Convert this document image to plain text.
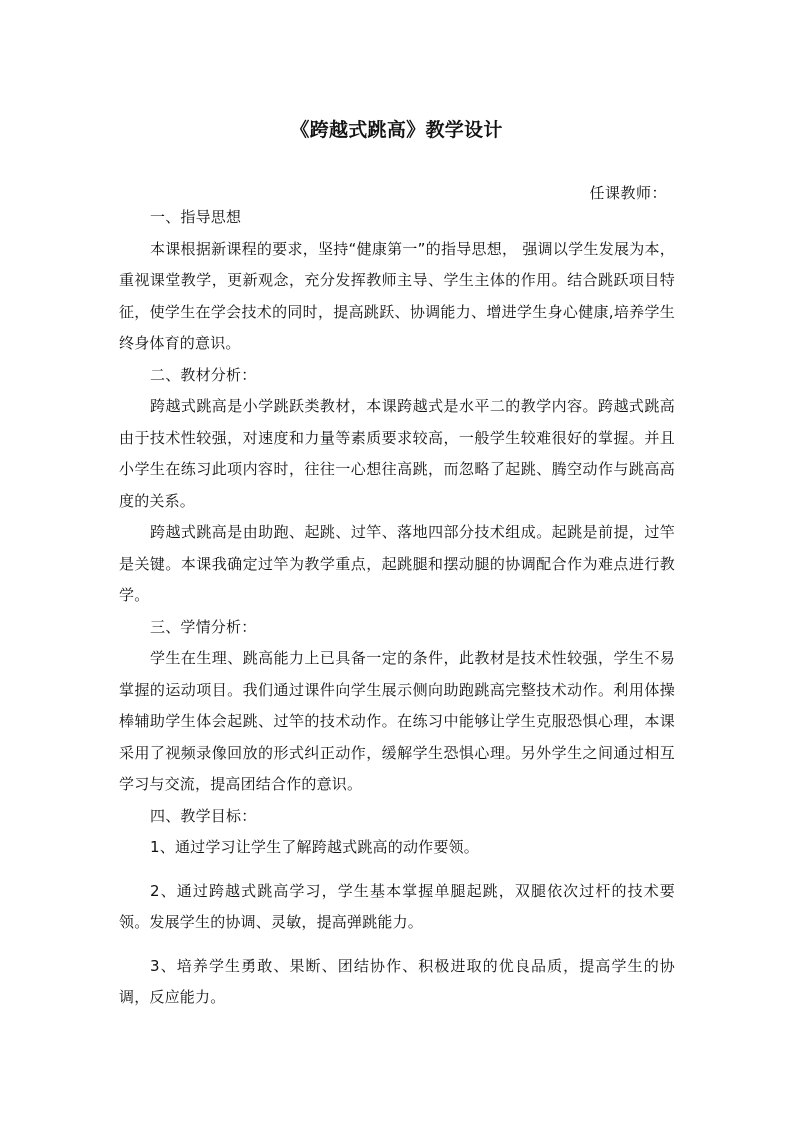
《跨越式跳高》教学设计
任课教师：

一、指导思想

本课根据新课程的要求，坚持“健康第一”的指导思想， 强调以学生发展为本，重视课堂教学，更新观念，充分发挥教师主导、学生主体的作用。结合跳跃项目特征，使学生在学会技术的同时，提高跳跃、协调能力、增进学生身心健康,培养学生终身体育的意识。

二、教材分析：

跨越式跳高是小学跳跃类教材，本课跨越式是水平二的教学内容。跨越式跳高由于技术性较强，对速度和力量等素质要求较高，一般学生较难很好的掌握。并且小学生在练习此项内容时，往往一心想往高跳，而忽略了起跳、腾空动作与跳高高度的关系。

跨越式跳高是由助跑、起跳、过竿、落地四部分技术组成。起跳是前提，过竿是关键。本课我确定过竿为教学重点，起跳腿和摆动腿的协调配合作为难点进行教学。

三、学情分析：

学生在生理、跳高能力上已具备一定的条件，此教材是技术性较强，学生不易掌握的运动项目。我们通过课件向学生展示侧向助跑跳高完整技术动作。利用体操棒辅助学生体会起跳、过竿的技术动作。在练习中能够让学生克服恐惧心理，本课采用了视频录像回放的形式纠正动作，缓解学生恐惧心理。另外学生之间通过相互学习与交流，提高团结合作的意识。

四、教学目标：

1、通过学习让学生了解跨越式跳高的动作要领。

2、通过跨越式跳高学习，学生基本掌握单腿起跳，双腿依次过杆的技术要领。发展学生的协调、灵敏，提高弹跳能力。

3、培养学生勇敢、果断、团结协作、积极进取的优良品质，提高学生的协调，反应能力。
